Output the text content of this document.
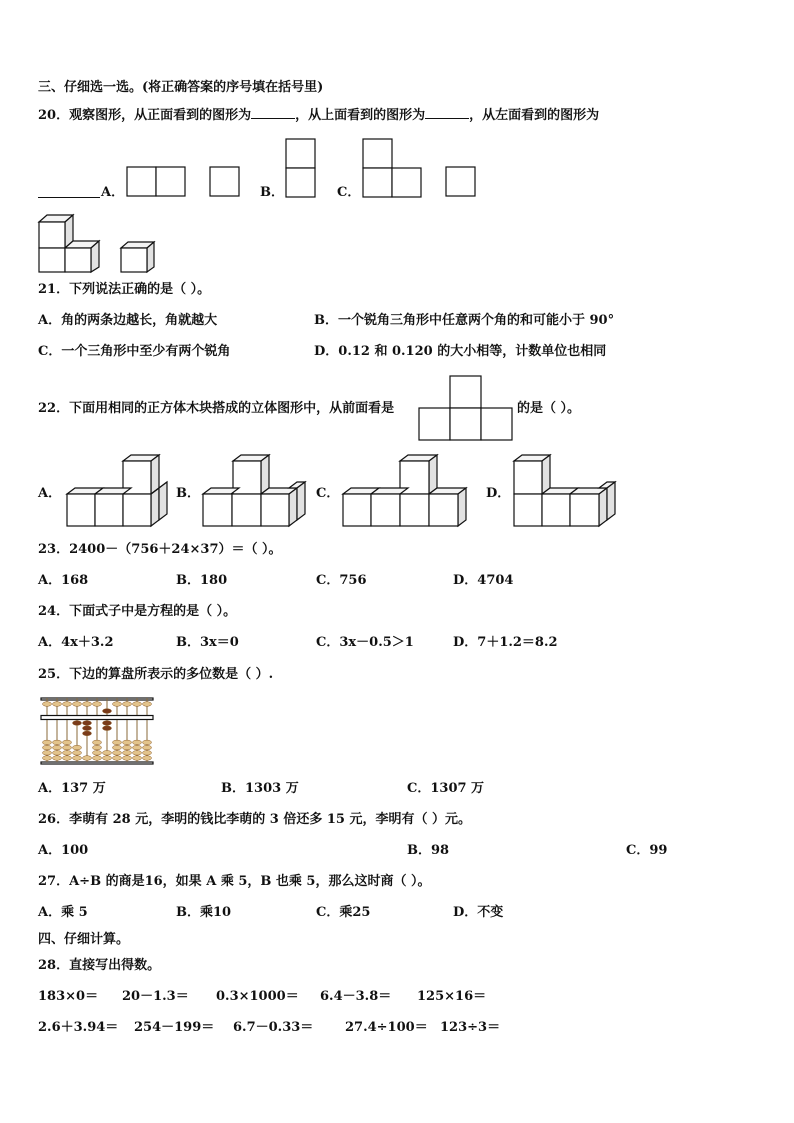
三、仔细选一选。(将正确答案的序号填在括号里)
20．观察图形，从正面看到的图形为	，从上面看到的图形为	，从左面看到的图形为
A．	B．	C．
21．下列说法正确的是（ ）。
A．角的两条边越长，角就越大	B．一个锐角三角形中任意两个角的和可能小于 90°
C．一个三角形中至少有两个锐角	D．0.12 和 0.120 的大小相等，计数单位也相同
22．下面用相同的正方体木块搭成的立体图形中，从前面看是	的是（ ）。
A．	B．	C．	D．
23．2400－（756＋24×37）＝（ ）。
A．168	B．180	C．756	D．4704
24．下面式子中是方程的是（ ）。
A．4x＋3.2	B．3x＝0	C．3x－0.5＞1	D．7＋1.2＝8.2
25．下边的算盘所表示的多位数是（ ）.
A．137 万	B．1303 万	C．1307 万
26．李萌有 28 元，李明的钱比李萌的 3 倍还多 15 元，李明有（ ）元。
A．100	B．98	C．99
27．A÷B 的商是16，如果 A 乘 5，B 也乘 5，那么这时商（ ）。
A．乘 5	B．乘10	C．乘25	D．不变
四、仔细计算。
28．直接写出得数。
183×0＝ 20－1.3＝ 0.3×1000＝ 6.4－3.8＝ 125×16＝
2.6＋3.94＝ 254－199＝ 6.7－0.33＝ 27.4÷100＝ 123÷3＝
